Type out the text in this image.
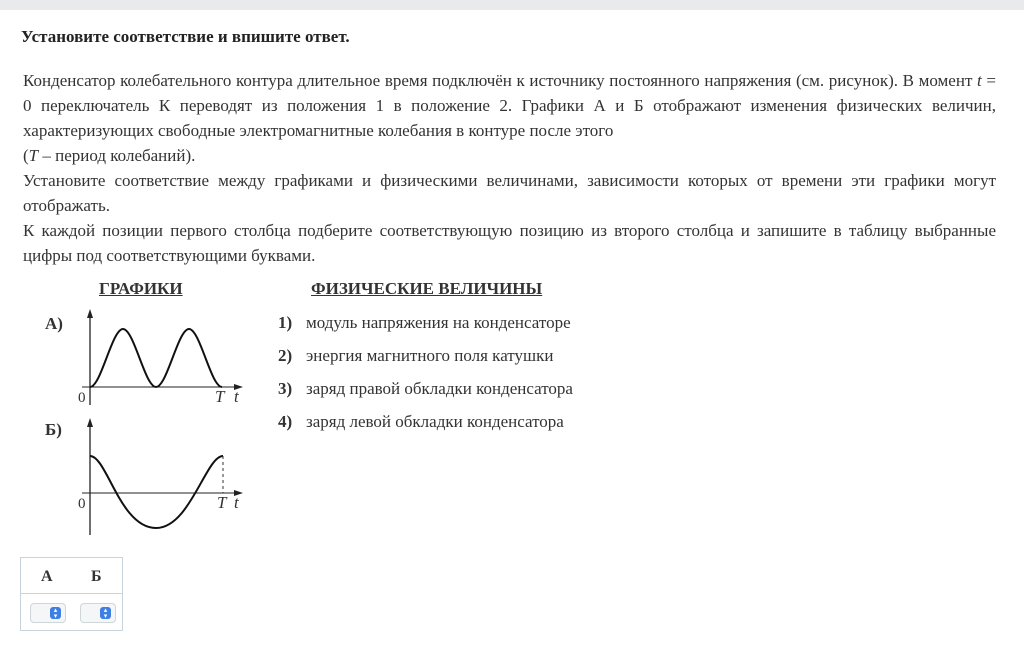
Установите соответствие и впишите ответ.

Конденсатор колебательного контура длительное время подключён к источнику постоянного напряжения (см. рисунок). В момент t = 0 переключатель К переводят из положения 1 в положение 2. Графики А и Б отображают изменения физических величин, характеризующих свободные электромагнитные колебания в контуре после этого

(T – период колебаний).

Установите соответствие между графиками и физическими величинами, зависимости которых от времени эти графики могут отображать.

К каждой позиции первого столбца подберите соответствующую позицию из второго столбца и запишите в таблицу выбранные цифры под соответствующими буквами.

ГРАФИКИ	ФИЗИЧЕСКИЕ ВЕЛИЧИНЫ
А)
0	T t
Б)
0	T t
1) модуль напряжения на конденсаторе
2) энергия магнитного поля катушки
3) заряд правой обкладки конденсатора
4) заряд левой обкладки конденсатора
А Б
▴
▾
▴
▾
